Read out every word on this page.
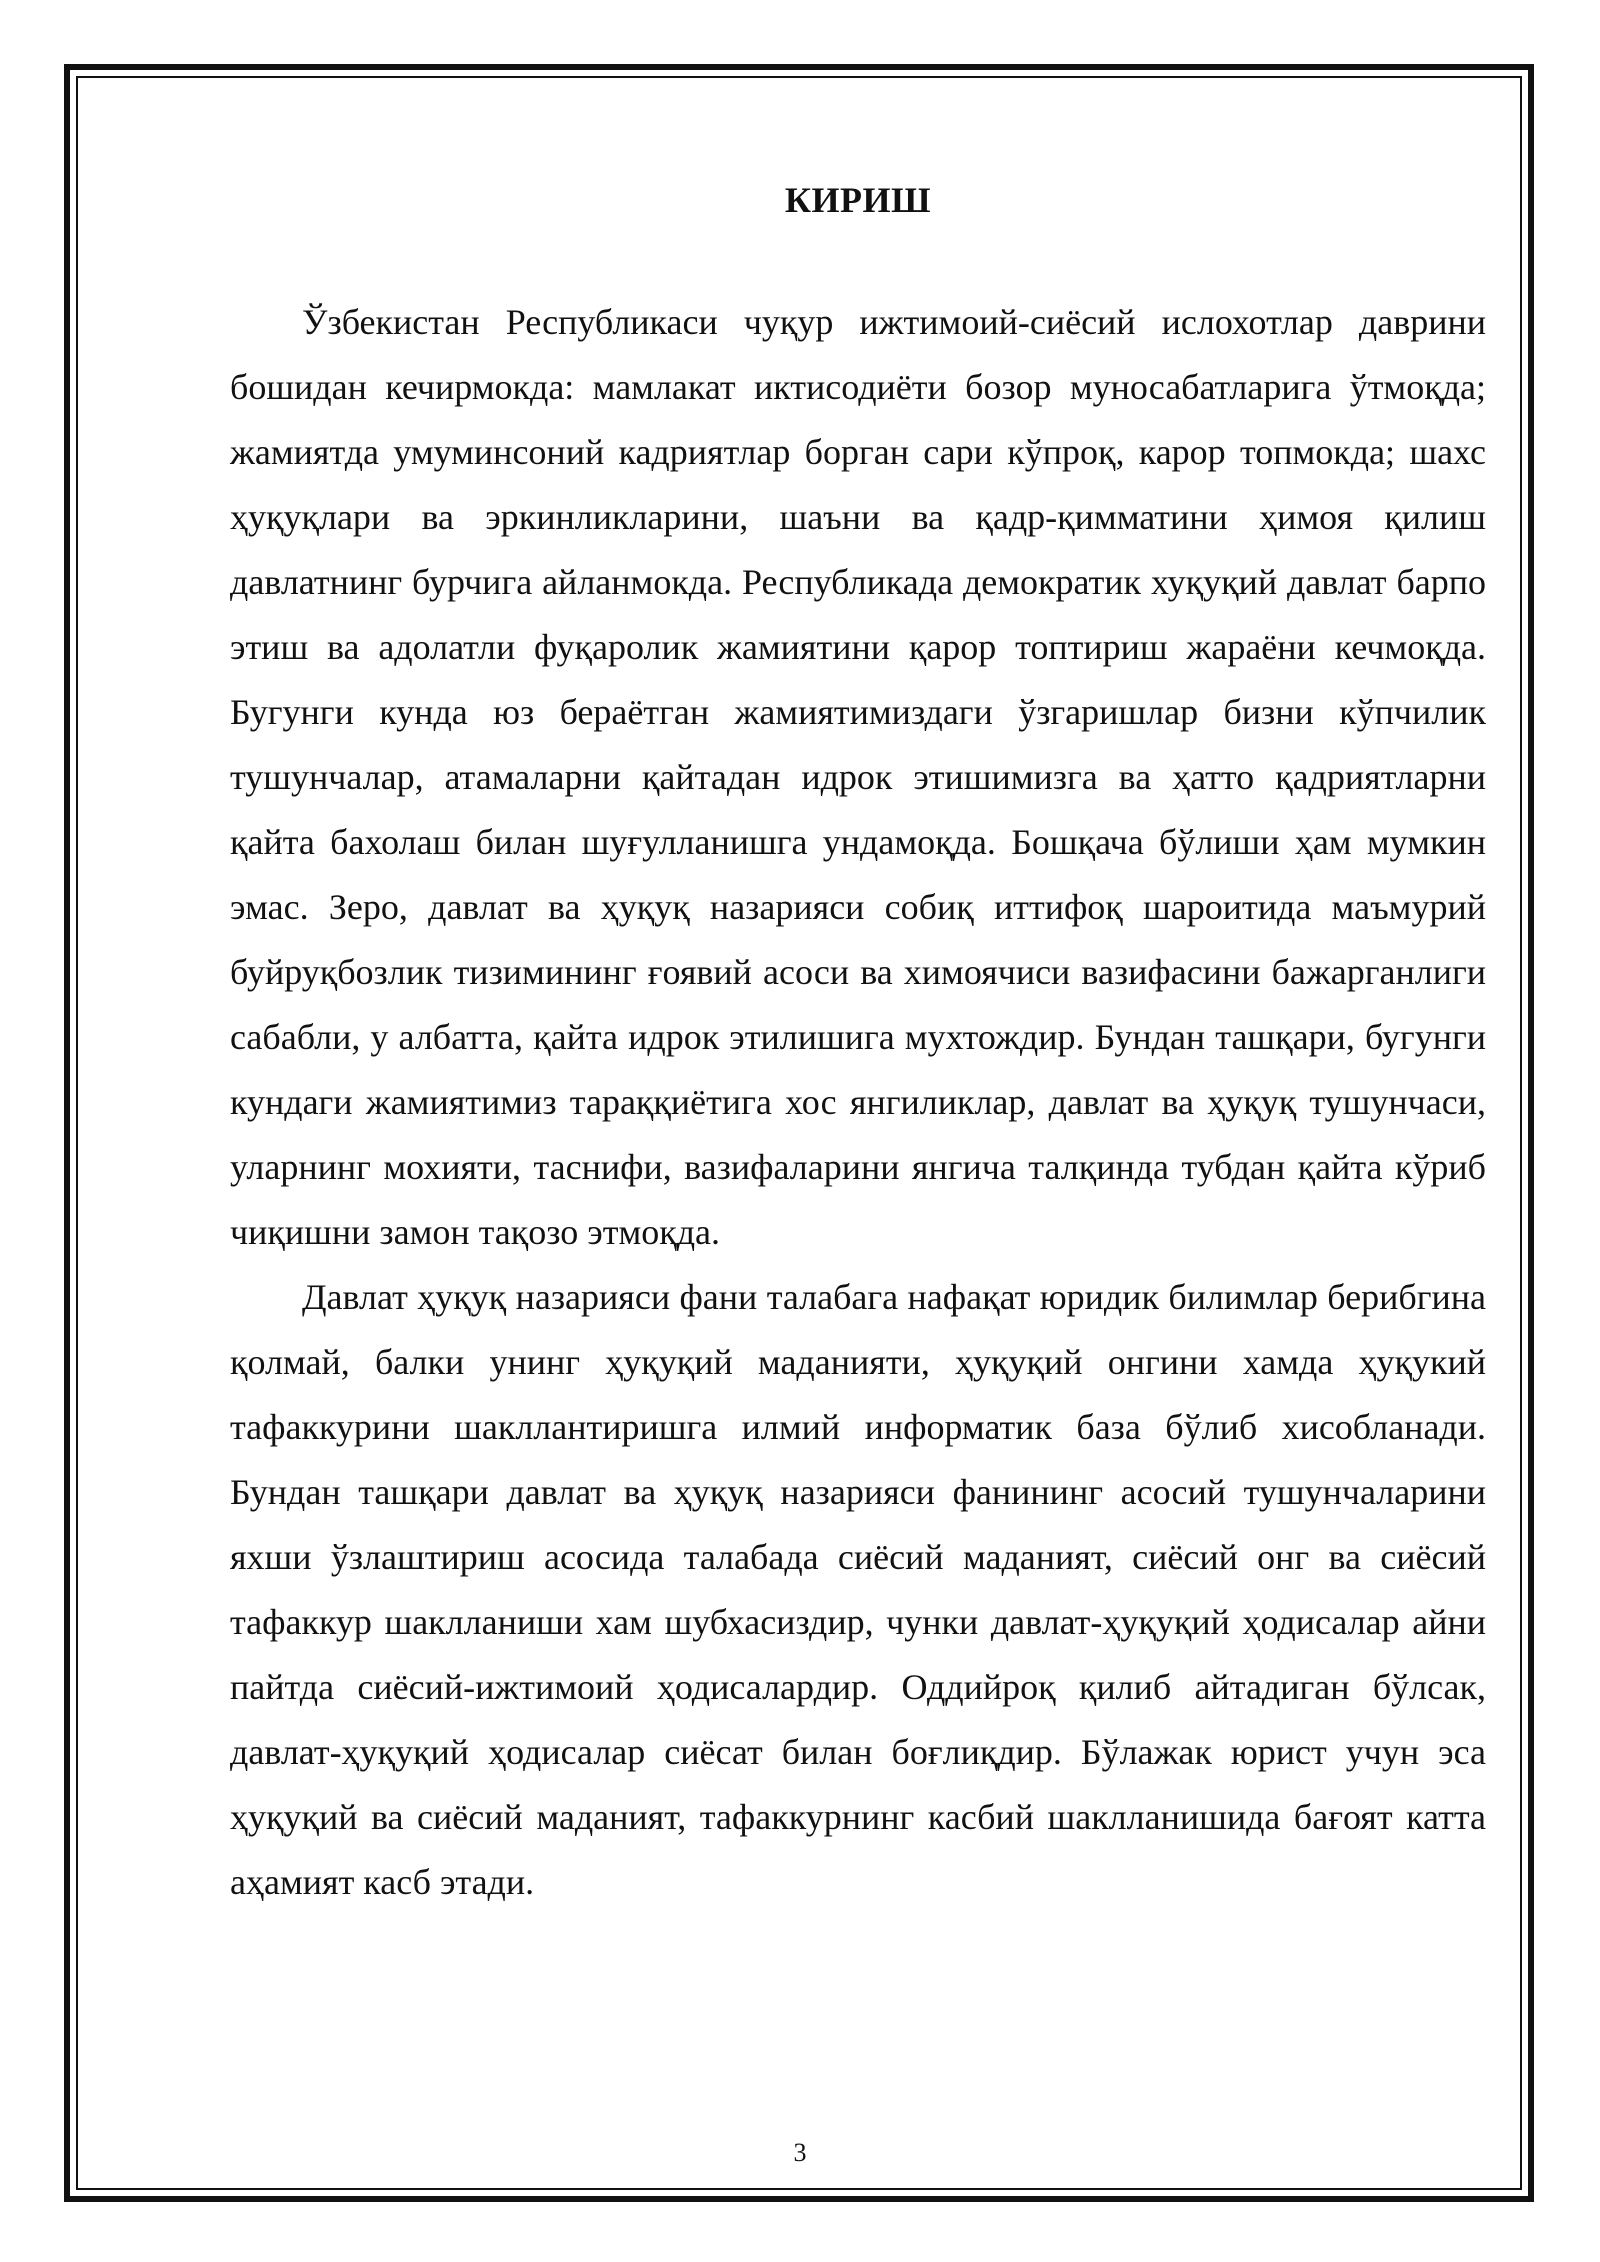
КИРИШ

Ўзбекистан Республикаси чуқур ижтимоий-сиёсий ислохотлар даврини бошидан кечирмокда: мамлакат иктисодиёти бозор муносабатларига ўтмоқда; жамиятда умуминсоний кадриятлар борган сари кўпроқ, карор топмокда; шахс ҳуқуқлари ва эркинликларини, шаъни ва қадр-қимматини ҳимоя қилиш давлатнинг бурчига айланмокда. Республикада демократик хуқуқий давлат барпо этиш ва адолатли фуқаролик жамиятини қарор топтириш жараёни кечмоқда. Бугунги кунда юз бераётган жамиятимиздаги ўзгаришлар бизни кўпчилик тушунчалар, атамаларни қайтадан идрок этишимизга ва ҳатто қадриятларни қайта бахолаш билан шуғулланишга ундамоқда. Бошқача бўлиши ҳам мумкин эмас. Зеро, давлат ва ҳуқуқ назарияси собиқ иттифоқ шароитида маъмурий буйруқбозлик тизимининг ғоявий асоси ва химоячиси вазифасини бажарганлиги сабабли, у албатта, қайта идрок этилишига мухтождир. Бундан ташқари, бугунги кундаги жамиятимиз тараққиётига хос янгиликлар, давлат ва ҳуқуқ тушунчаси, уларнинг мохияти, таснифи, вазифаларини янгича талқинда тубдан қайта кўриб чиқишни замон тақозо этмоқда.

Давлат ҳуқуқ назарияси фани талабага нафақат юридик билимлар берибгина қолмай, балки унинг ҳуқуқий маданияти, ҳуқуқий онгини хамда ҳуқукий тафаккурини шакллантиришга илмий информатик база бўлиб хисобланади. Бундан ташқари давлат ва ҳуқуқ назарияси фанининг асосий тушунчаларини яхши ўзлаштириш асосида талабада сиёсий маданият, сиёсий онг ва сиёсий тафаккур шаклланиши хам шубхасиздир, чунки давлат-ҳуқуқий ҳодисалар айни пайтда сиёсий-ижтимоий ҳодисалардир. Оддийроқ қилиб айтадиган бўлсак, давлат-ҳуқуқий ҳодисалар сиёсат билан боғлиқдир. Бўлажак юрист учун эса ҳуқуқий ва сиёсий маданият, тафаккурнинг касбий шаклланишида бағоят катта аҳамият касб этади.

3
